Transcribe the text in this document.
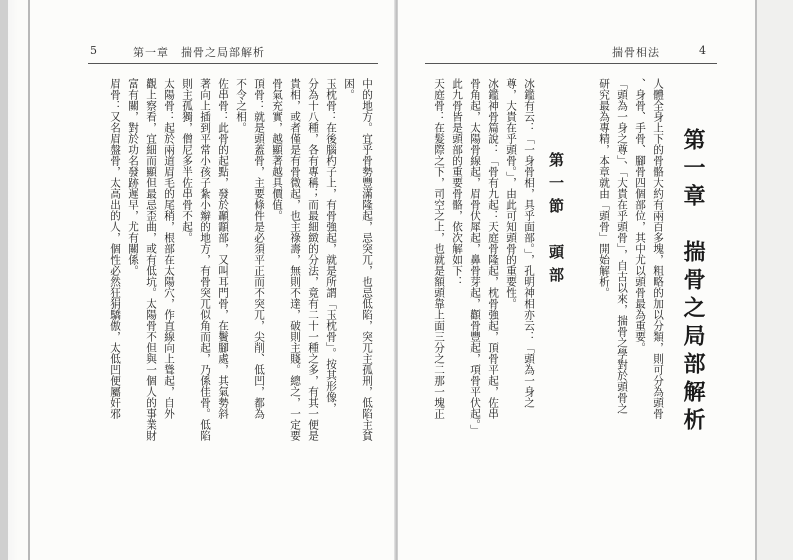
5	第一章　揣骨之局部解析
中的地方。宜乎骨勢豐滿隆起，忌突兀，也忌低陷，突兀主孤刑，低陷主貧
困。
玉枕骨：在後腦杓子上，有骨強起，就是所謂「玉枕骨」。按其形像，
分為十八種，各有專稱；而最細緻的分法，竟有二十一種之多，有其一便是
貴相，或者僅是有骨微起，也主祿壽，無則不達，破則主賤。總之，一定要
骨氣充實，越顯著越具價值。
頂骨：就是頭蓋骨，主要條件是必須平正而不突兀，尖削、低凹，都為
不令之相。
佐串骨：此骨的起點，發於顳顬部，又叫耳門骨，在鬢腳處，其氣勢斜
著向上插到平常小孩子紮小辮的地方，有骨突兀似角而起，乃係佳骨。低陷
則主孤獨，僧尼多半佐串骨不起。
太陽骨：起於兩道眉毛的尾稍，根部在太陽穴，作直線向上聳起，自外
觀上察看，宜細而顯但最忌歪曲，或有低坑。太陽骨不但與一個人的事業財
富有關，對於功名發跡遲早，尤有關係。
眉骨：又名眉盤骨，太高出的人，個性必然狂狷驕傲，太低凹便屬奸邪
揣骨相法	4
第一章　揣骨之局部解析
人體全身上下的骨骼大約有兩百多塊，粗略的加以分類，則可分為頭骨
、身骨、手骨、腳骨四個部位，其中尤以頭骨最為重要。
「頭為一身之尊」、「大貴在乎頭骨」，自古以來，揣骨之學對於頭骨之
研究最為專精，本章就由「頭骨」開始解析。
第一節　頭部
冰鑑有云：「一身骨相，具乎面部。」，孔明神相亦云：「頭為一身之
尊，大貴在乎頭骨。」，由此可知頭骨的重要性。
冰鑑神骨篇說：「骨有九起：天庭骨隆起，枕骨強起，頂骨平起，佐串
骨角起，太陽骨線起，眉骨伏犀起，鼻骨芽起，顴骨豐起，項骨平伏起。」
此九骨皆是頭部的重要骨骼，依次解如下：
天庭骨：在髮際之下，司空之上，也就是額頭靠上面三分之二那一塊正
